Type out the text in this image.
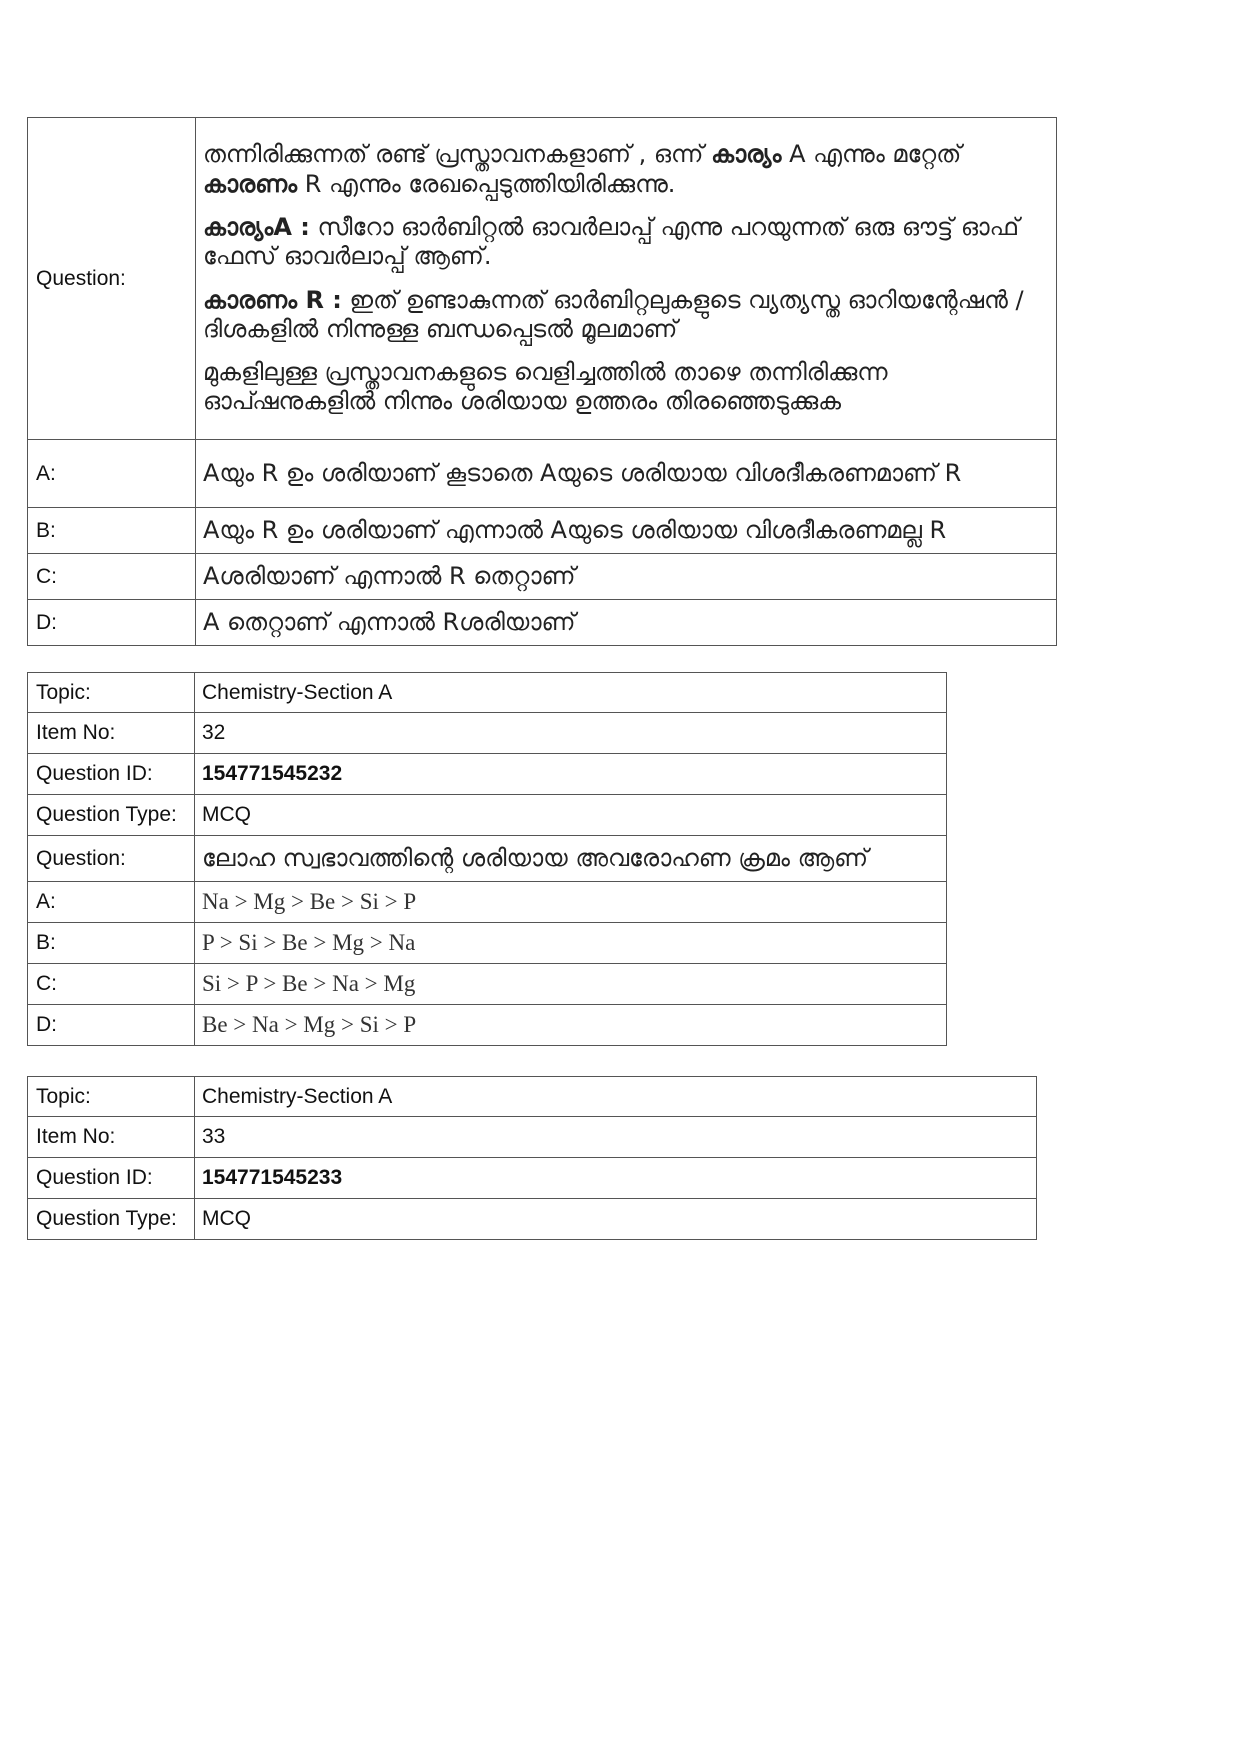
Question:	തന്നിരിക്കുന്നത് രണ്ട് പ്രസ്താവനകളാണ് , ഒന്ന് കാര്യം A എന്നും മറ്റേത് കാരണം R എന്നും രേഖപ്പെടുത്തിയിരിക്കുന്നു.

കാര്യംA : സീറോ ഓർബിറ്റൽ ഓവർലാപ്പ് എന്നു പറയുന്നത് ഒരു ഔട്ട് ഓഫ് ഫേസ് ഓവർലാപ്പ് ആണ്.

കാരണം R : ഇത് ഉണ്ടാകുന്നത് ഓർബിറ്റലുകളുടെ വ്യത്യസ്ത ഓറിയന്റേഷൻ / ദിശകളിൽ നിന്നുള്ള ബന്ധപ്പെടൽ മൂലമാണ്

മുകളിലുള്ള പ്രസ്താവനകളുടെ വെളിച്ചത്തിൽ താഴെ തന്നിരിക്കുന്ന ഓപ്ഷനുകളിൽ നിന്നും ശരിയായ ഉത്തരം തിരഞ്ഞെടുക്കുക

A:	Aയും R ഉം ശരിയാണ് കൂടാതെ Aയുടെ ശരിയായ വിശദീകരണമാണ് R
B:	Aയും R ഉം ശരിയാണ് എന്നാൽ Aയുടെ ശരിയായ വിശദീകരണമല്ല R
C:	Aശരിയാണ് എന്നാൽ R തെറ്റാണ്
D:	A തെറ്റാണ് എന്നാൽ Rശരിയാണ്
Topic:	Chemistry-Section A
Item No:	32
Question ID:	154771545232
Question Type:	MCQ
Question:	ലോഹ സ്വഭാവത്തിന്റെ ശരിയായ അവരോഹണ ക്രമം ആണ്
A:	Na > Mg > Be > Si > P
B:	P > Si > Be > Mg > Na
C:	Si > P > Be > Na > Mg
D:	Be > Na > Mg > Si > P
Topic:	Chemistry-Section A
Item No:	33
Question ID:	154771545233
Question Type:	MCQ
